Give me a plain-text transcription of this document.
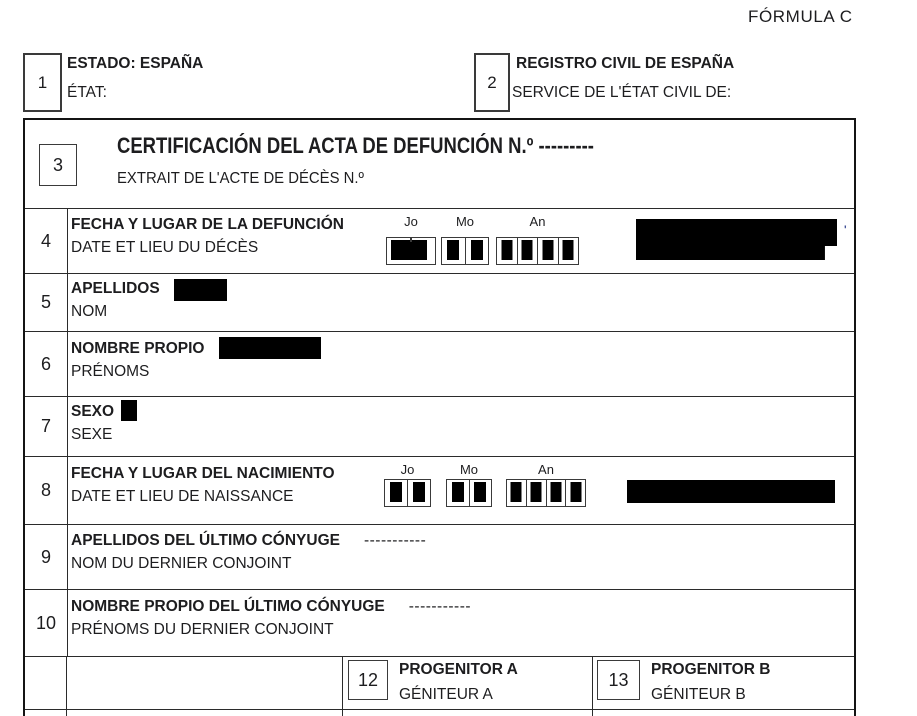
FÓRMULA C
1
ESTADO: ESPAÑA
ÉTAT:
2
REGISTRO CIVIL DE ESPAÑA
SERVICE DE L'ÉTAT CIVIL DE:
3
CERTIFICACIÓN DEL ACTA DE DEFUNCIÓN N.º ---------
EXTRAIT DE L'ACTE DE DÉCÈS N.º
4
FECHA Y LUGAR DE LA DEFUNCIÓN
DATE ET LIEU DU DÉCÈS
Jo	Mo	An
'
5
APELLIDOS
NOM
6
NOMBRE PROPIO
PRÉNOMS
7
SEXO
SEXE
8
FECHA Y LUGAR DEL NACIMIENTO
DATE ET LIEU DE NAISSANCE
Jo	Mo	An
9
APELLIDOS DEL ÚLTIMO CÓNYUGE -----------
NOM DU DERNIER CONJOINT
10
NOMBRE PROPIO DEL ÚLTIMO CÓNYUGE -----------
PRÉNOMS DU DERNIER CONJOINT
12 PROGENITOR A
GÉNITEUR A
13 PROGENITOR B
GÉNITEUR B
